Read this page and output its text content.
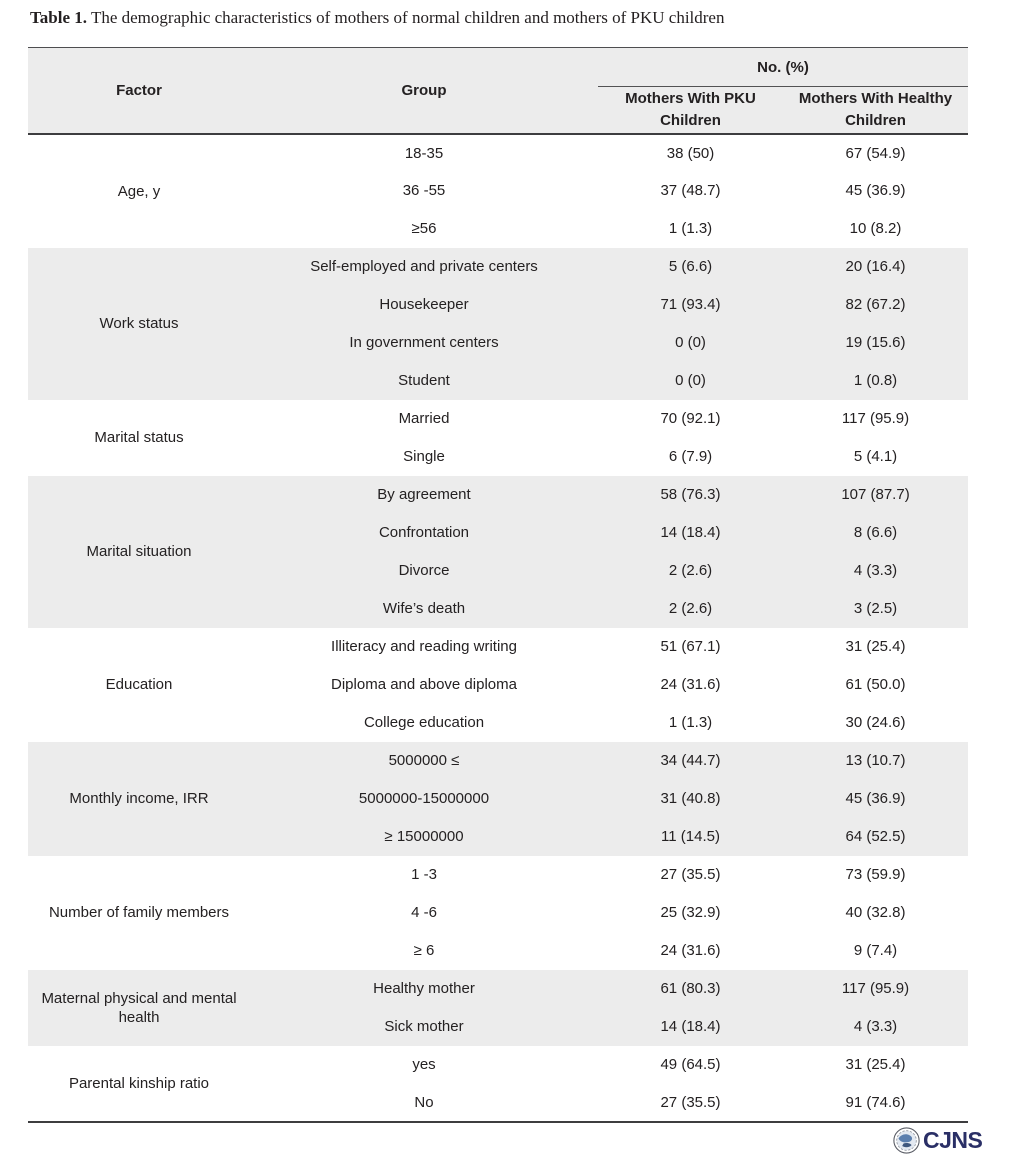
Table 1. The demographic characteristics of mothers of normal children and mothers of PKU children
Factor	Group	No. (%)	
		Mothers With PKU Children	Mothers With Healthy Children
Age, y	18-35	38 (50)	67 (54.9)
	36 -55	37 (48.7)	45 (36.9)
	≥56	1 (1.3)	10 (8.2)
Work status	Self-employed and private centers	5 (6.6)	20 (16.4)
	Housekeeper	71 (93.4)	82 (67.2)
	In government centers	0 (0)	19 (15.6)
	Student	0 (0)	1 (0.8)
Marital status	Married	70 (92.1)	117 (95.9)
	Single	6 (7.9)	5 (4.1)
Marital situation	By agreement	58 (76.3)	107 (87.7)
	Confrontation	14 (18.4)	8 (6.6)
	Divorce	2 (2.6)	4 (3.3)
	Wife’s death	2 (2.6)	3 (2.5)
Education	Illiteracy and reading writing	51 (67.1)	31 (25.4)
	Diploma and above diploma	24 (31.6)	61 (50.0)
	College education	1 (1.3)	30 (24.6)
Monthly income, IRR	5000000 ≤	34 (44.7)	13 (10.7)
	5000000-15000000	31 (40.8)	45 (36.9)
	≥ 15000000	11 (14.5)	64 (52.5)
Number of family members	1 -3	27 (35.5)	73 (59.9)
	4 -6	25 (32.9)	40 (32.8)
	≥ 6	24 (31.6)	9 (7.4)
Maternal physical and mental health	Healthy mother	61 (80.3)	117 (95.9)
	Sick mother	14 (18.4)	4 (3.3)
Parental kinship ratio	yes	49 (64.5)	31 (25.4)
	No	27 (35.5)	91 (74.6)
CJNS
